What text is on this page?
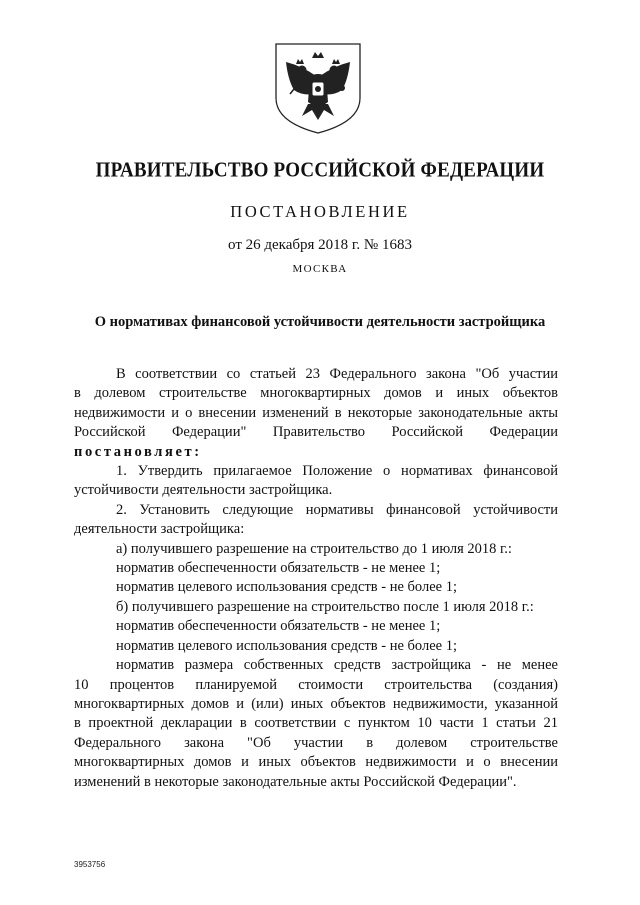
ПРАВИТЕЛЬСТВО РОССИЙСКОЙ ФЕДЕРАЦИИ
ПОСТАНОВЛЕНИЕ
от 26 декабря 2018 г. № 1683
МОСКВА
О нормативах финансовой устойчивости деятельности застройщика

В соответствии со статьей 23 Федерального закона "Об участии
в долевом строительстве многоквартирных домов и иных объектов
недвижимости и о внесении изменений в некоторые законодательные акты
Российской Федерации" Правительство Российской Федерации
постановляет:

1. Утвердить прилагаемое Положение о нормативах финансовой
устойчивости деятельности застройщика.

2. Установить следующие нормативы финансовой устойчивости
деятельности застройщика:

а) получившего разрешение на строительство до 1 июля 2018 г.:

норматив обеспеченности обязательств - не менее 1;

норматив целевого использования средств - не более 1;

б) получившего разрешение на строительство после 1 июля 2018 г.:

норматив обеспеченности обязательств - не менее 1;

норматив целевого использования средств - не более 1;

норматив размера собственных средств застройщика - не менее
10 процентов планируемой стоимости строительства (создания)
многоквартирных домов и (или) иных объектов недвижимости, указанной
в проектной декларации в соответствии с пунктом 10 части 1 статьи 21
Федерального закона "Об участии в долевом строительстве
многоквартирных домов и иных объектов недвижимости и о внесении
изменений в некоторые законодательные акты Российской Федерации".

3953756
